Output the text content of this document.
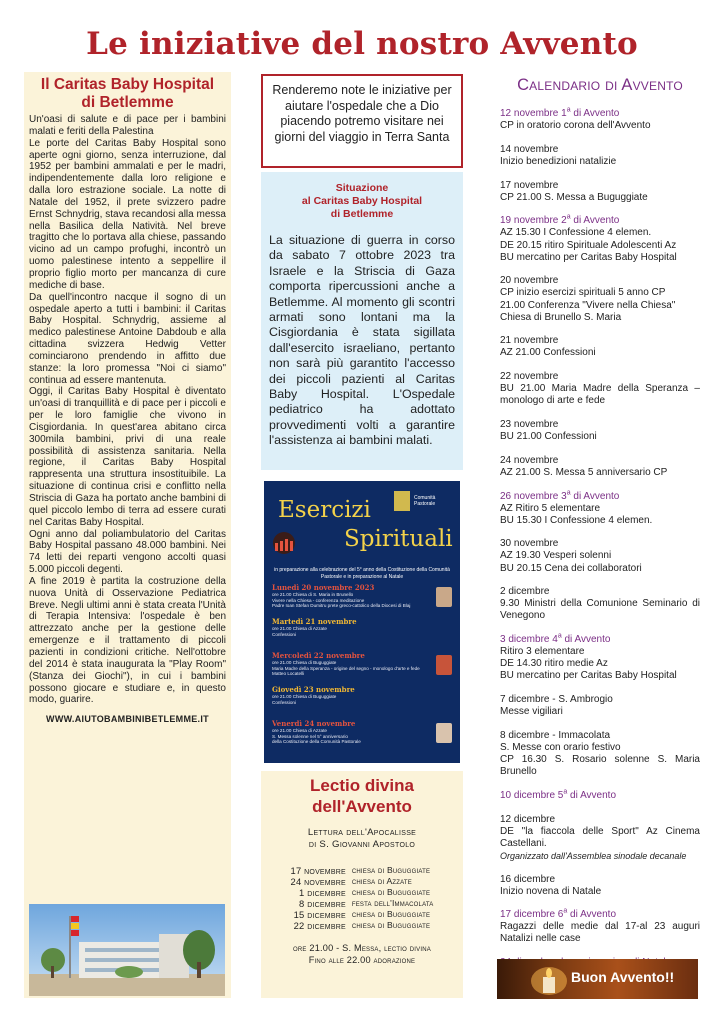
Le iniziative del nostro Avvento
Il Caritas Baby Hospital
di Betlemme

Un'oasi di salute e di pace per i bambini malati e feriti della Palestina

Le porte del Caritas Baby Hospital sono aperte ogni giorno, senza interruzione, dal 1952 per bambini ammalati e per le madri, indipendentemente dalla loro religione e dalla loro estrazione sociale. La notte di Natale del 1952, il prete svizzero padre Ernst Schnydrig, stava recandosi alla messa nella Basilica della Natività. Nel breve tragitto che lo portava alla chiese, passando vicino ad un campo profughi, incontrò un uomo palestinese intento a seppellire il proprio figlio morto per mancanza di cure mediche di base.

Da quell'incontro nacque il sogno di un ospedale aperto a tutti i bambini: il Caritas Baby Hospital. Schnydrig, assieme al medico palestinese Antoine Dabdoub e alla cittadina svizzera Hedwig Vetter cominciarono prendendo in affitto due stanze: la loro promessa "Noi ci siamo" continua ad essere mantenuta.

Oggi, il Caritas Baby Hospital è diventato un'oasi di tranquillità e di pace per i piccoli e per le loro famiglie che vivono in Cisgiordania. In quest'area abitano circa 300mila bambini, privi di una reale possibilità di assistenza sanitaria. Nella regione, il Caritas Baby Hospital rappresenta una struttura insostituibile. La situazione di continua crisi e conflitto nella Striscia di Gaza ha portato anche bambini di quel piccolo lembo di terra ad essere curati nel Caritas Baby Hospital.

Ogni anno dal poliambulatorio del Caritas Baby Hospital passano 48.000 bambini. Nei 74 letti dei reparti vengono accolti quasi 5.000 piccoli degenti.

A fine 2019 è partita la costruzione della nuova Unità di Osservazione Pediatrica Breve. Negli ultimi anni è stata creata l'Unità di Terapia Intensiva: l'ospedale è ben attrezzato anche per la gestione delle emergenze e il trattamento di piccoli pazienti in condizioni critiche. Nell'ottobre del 2014 è stata inaugurata la "Play Room" (Stanza dei Giochi"), in cui i bambini possono giocare e studiare e, in questo modo, guarire.

WWW.AIUTOBAMBINIBETLEMME.IT
Renderemo note le iniziative per aiutare l'ospedale che a Dio piacendo potremo visitare nei giorni del viaggio in Terra Santa
Situazione
al Caritas Baby Hospital
di Betlemme
La situazione di guerra in corso da sabato 7 ottobre 2023 tra Israele e la Striscia di Gaza comporta ripercussioni anche a Betlemme. Al momento gli scontri armati sono lontani ma la Cisgiordania è stata sigillata dall'esercito israeliano, pertanto non sarà più garantito l'accesso dei piccoli pazienti al Caritas Baby Hospital. L'Ospedale pediatrico ha adottato provvedimenti volti a garantire l'assistenza ai bambini malati.
Esercizi
Spirituali
Comunità Pastorale
in preparazione alla celebrazione del 5° anno della Costituzione della Comunità Pastorale e in preparazione al Natale
Lunedì 20 novembre 2023
ore 21.00 Chiesa di S. Maria in Brunello
Vivere nella Chiesa - conferenza meditazione
Padre Ioan Stefan Dumitru prete greco-cattolico della Diocesi di Blaj
Martedì 21 novembre
ore 21.00 Chiesa di Azzate
Confessioni
Mercoledì 22 novembre
ore 21.00 Chiesa di Buguggiate
Maria Madre della Speranza - origine del segno - monologo d'arte e fede
Matteo Locatelli
Giovedì 23 novembre
ore 21.00 Chiesa di Buguggiate
Confessioni
Venerdì 24 novembre
ore 21.00 Chiesa di Azzate
S. Messa solenne nel 5° anniversario
della Costituzione della Comunità Pastorale
Lectio divina
dell'Avvento
Lettura dell'Apocalisse
di S. Giovanni Apostolo
17 novembre	chiesa di Buguggiate
24 novembre	chiesa di Azzate
1 dicembre	chiesa di Buguggiate
8 dicembre	festa dell'Immacolata
15 dicembre	chiesa di Buguggiate
22 dicembre	chiesa di Buguggiate
ore 21.00 - S. Messa, lectio divina
Fino alle 22.00 adorazione
Calendario di Avvento
12 novembre 1$^a$ di Avvento
CP in oratorio corona dell'Avvento
14 novembre
Inizio benedizioni natalizie
17 novembre
CP 21.00 S. Messa a Buguggiate
19 novembre 2$^a$ di Avvento
AZ 15.30 I Confessione 4 elemen.
DE 20.15 ritiro Spirituale Adolescenti Az
BU mercatino per Caritas Baby Hospital
20 novembre
CP inizio esercizi spirituali 5 anno CP
21.00 Conferenza "Vivere nella Chiesa"
Chiesa di Brunello S. Maria
21 novembre
AZ 21.00 Confessioni
22 novembre
BU 21.00 Maria Madre della Speranza – monologo di arte e fede
23 novembre
BU 21.00 Confessioni
24 novembre
AZ 21.00 S. Messa 5 anniversario CP
26 novembre 3$^a$ di Avvento
AZ Ritiro 5 elementare
BU 15.30 I Confessione 4 elemen.
30 novembre
AZ 19.30 Vesperi solenni
BU 20.15 Cena dei collaboratori
2 dicembre
9.30 Ministri della Comunione Seminario di Venegono
3 dicembre 4$^a$ di Avvento
Ritiro 3 elementare
DE 14.30 ritiro medie Az
BU mercatino per Caritas Baby Hospital
7 dicembre - S. Ambrogio
Messe vigiliari
8 dicembre - Immacolata
S. Messe con orario festivo
CP 16.30 S. Rosario solenne S. Maria Brunello
10 dicembre 5$^a$ di Avvento
12 dicembre
DE "la fiaccola delle Sport" Az Cinema Castellani.
Organizzato dall'Assemblea sinodale decanale
16 dicembre
Inizio novena di Natale
17 dicembre 6$^a$ di Avvento
Ragazzi delle medie dal 17-al 23 auguri Natalizi nelle case
Buon Avvento!!
